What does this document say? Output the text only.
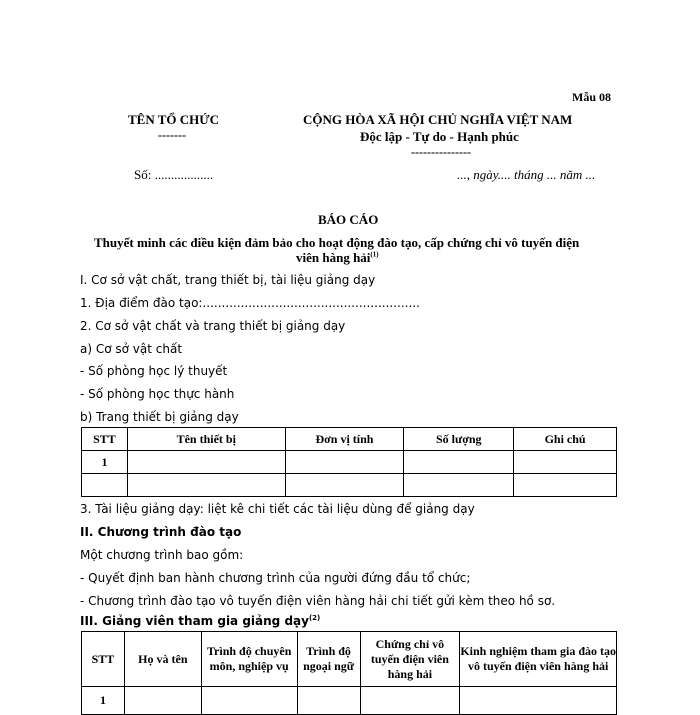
Mẫu 08
TÊN TỔ CHỨC
-------
CỘNG HÒA XÃ HỘI CHỦ NGHĨA VIỆT NAM
Độc lập - Tự do - Hạnh phúc
---------------
Số: ..................	..., ngày.... tháng ... năm ...
BÁO CÁO
Thuyết minh các điều kiện đảm bảo cho hoạt động đào tạo, cấp chứng chỉ vô tuyến điện
viên hàng hải$^{(1)}$
I. Cơ sở vật chất, trang thiết bị, tài liệu giảng dạy
1. Địa điểm đào tạo:.........................................................
2. Cơ sở vật chất và trang thiết bị giảng dạy
a) Cơ sở vật chất
- Số phòng học lý thuyết
- Số phòng học thực hành
b) Trang thiết bị giảng dạy
STT	Tên thiết bị	Đơn vị tính	Số lượng	Ghi chú
1				

3. Tài liệu giảng dạy: liệt kê chi tiết các tài liệu dùng để giảng dạy
II. Chương trình đào tạo
Một chương trình bao gồm:
- Quyết định ban hành chương trình của người đứng đầu tổ chức;
- Chương trình đào tạo vô tuyến điện viên hàng hải chi tiết gửi kèm theo hồ sơ.
III. Giảng viên tham gia giảng dạy$^{(2)}$
STT	Họ và tên	Trình độ chuyên môn, nghiệp vụ	Trình độ ngoại ngữ	Chứng chỉ vô tuyến điện viên hàng hải	Kinh nghiệm tham gia đào tạo vô tuyến điện viên hàng hải
1					
